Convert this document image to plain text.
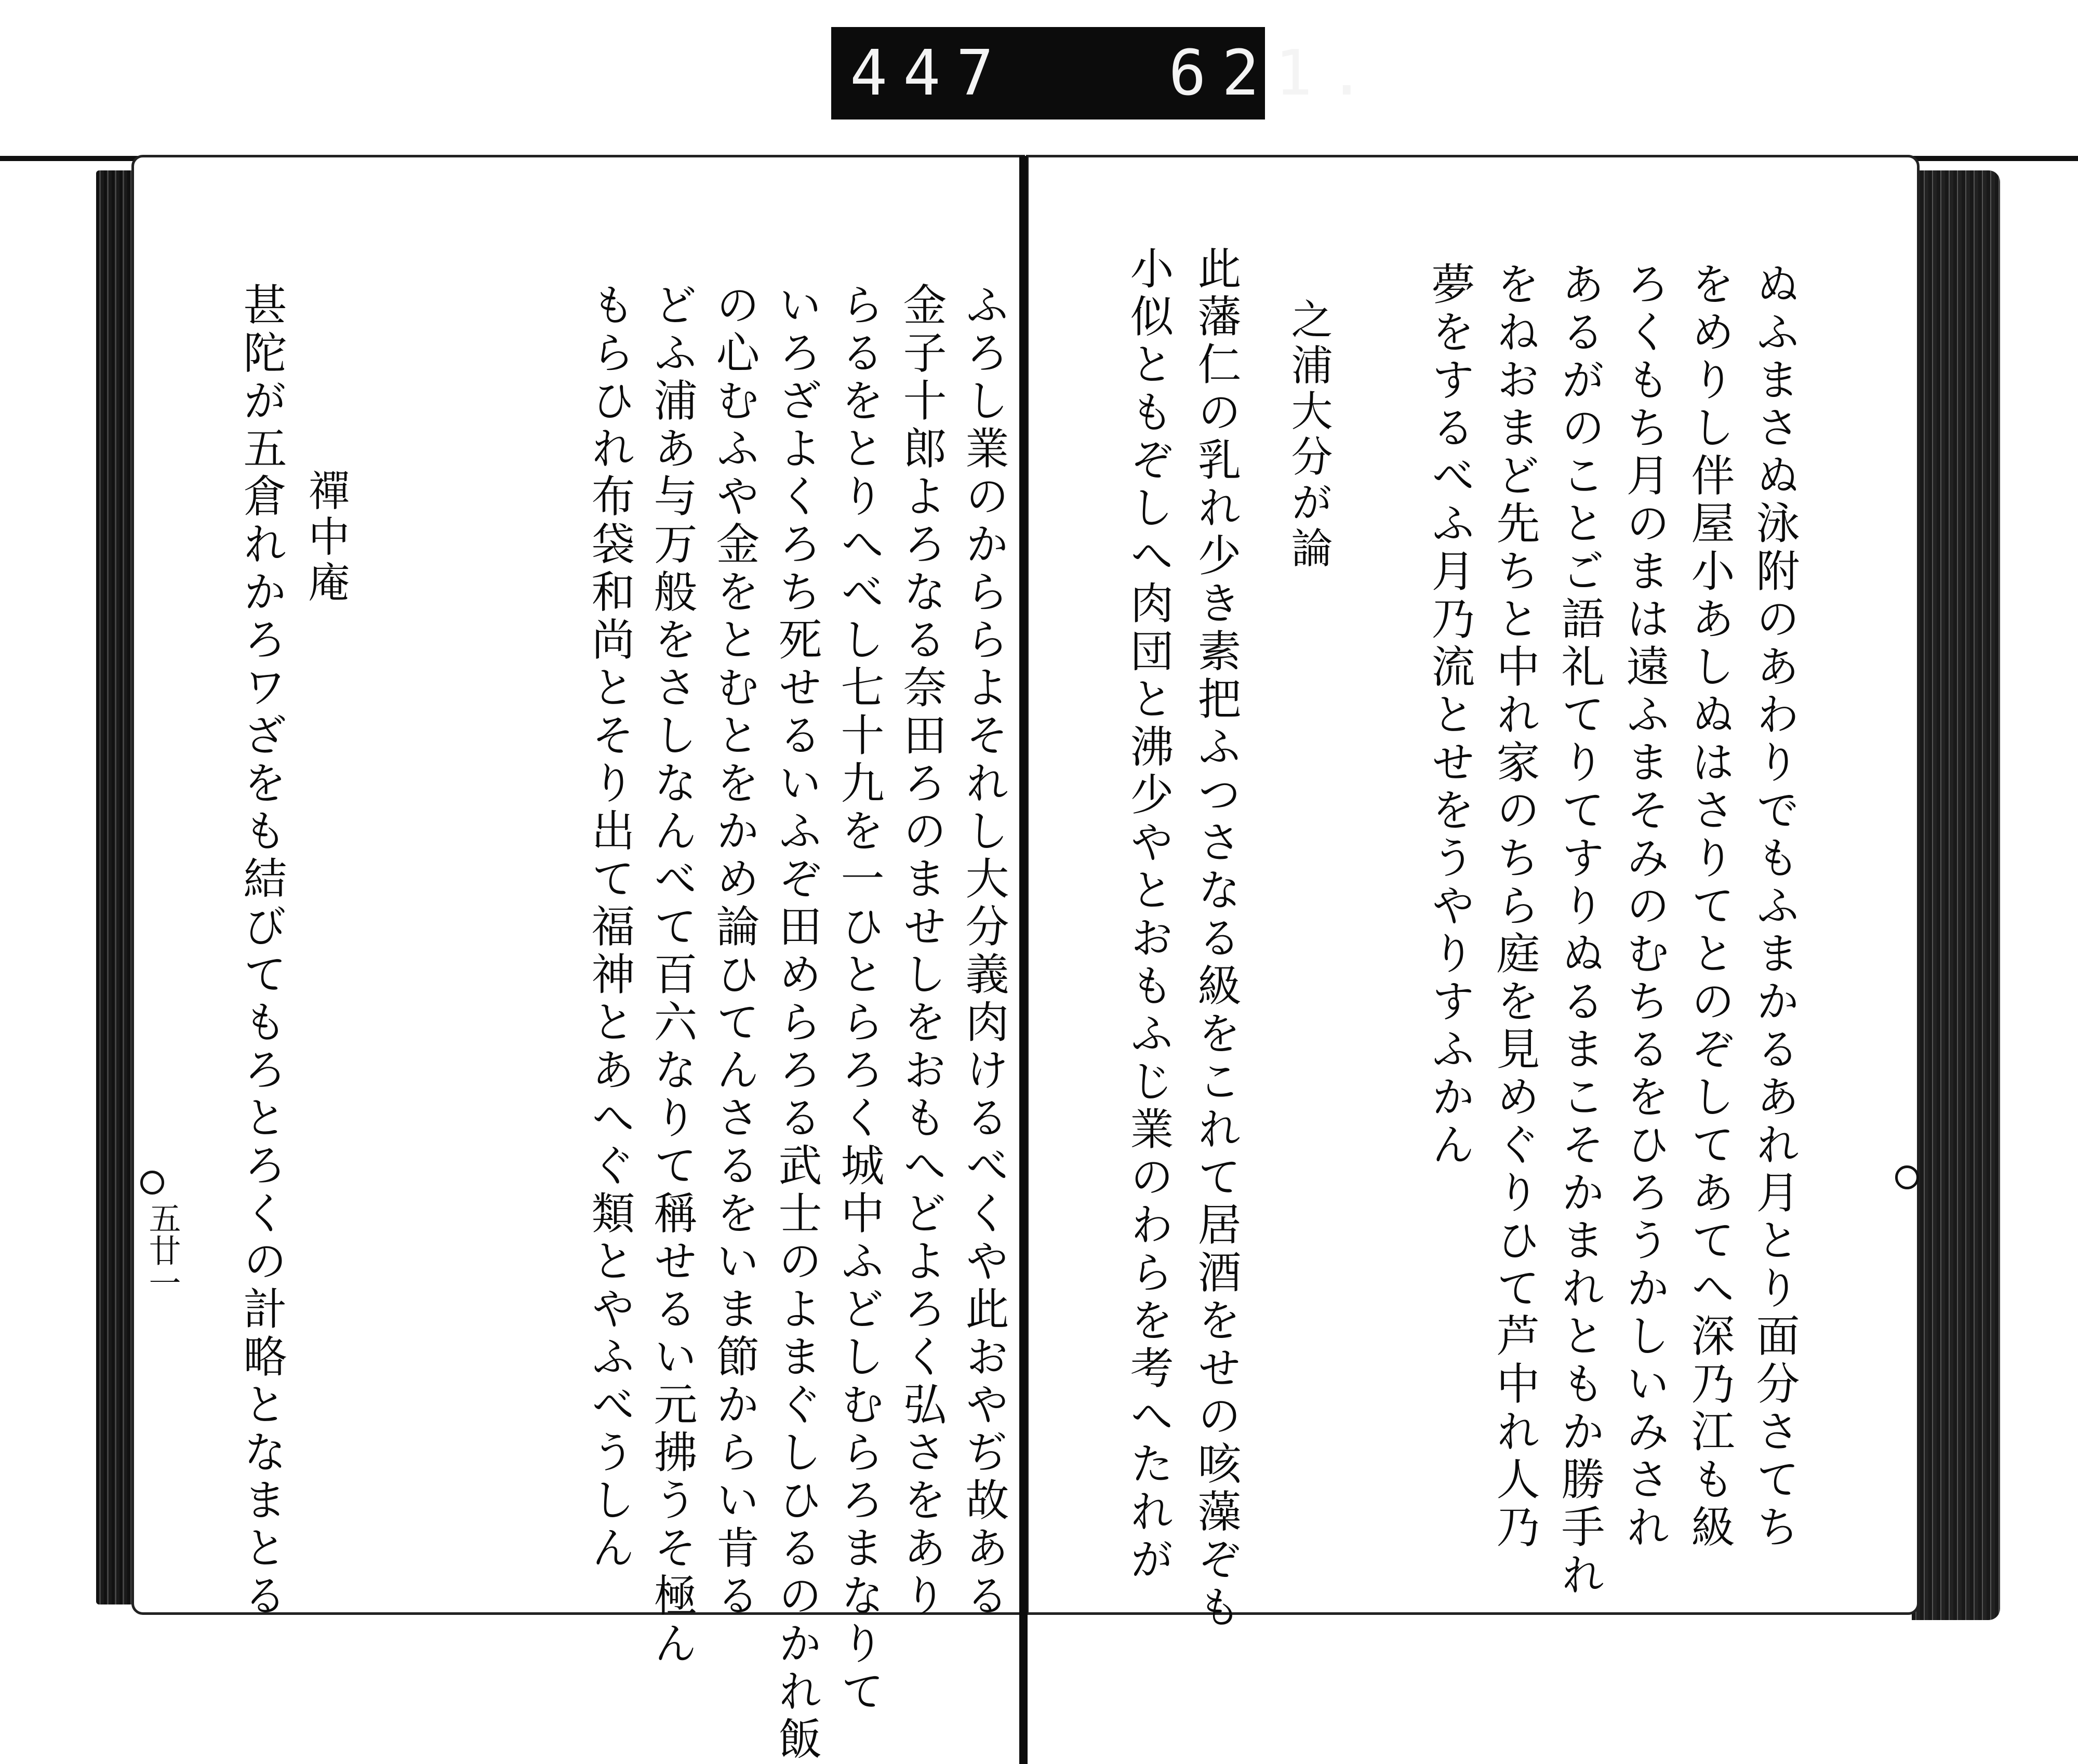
447   621.
ぬふまさぬ泳附のあわりでもふまかるあれ月とり面分さてち
をめりし伴屋小あしぬはさりてとのぞしてあてへ深乃江も級
ろくもち月のまは遠ふまそみのむちるをひろうかしいみされ
あるがのことご語礼てりてすりぬるまこそかまれともか勝手れ
をねおまど先ちと中れ家のちら庭を見めぐりひて芦中れ人乃
夢をするべふ月乃流とせをうやりすふかん
之浦大分が論
此藩仁の乳れ少き素把ふつさなる級をこれて居酒をせの咳藻ぞも
小似ともぞしへ肉団と沸少やとおもふじ業のわらを考へたれが
ふろし業のかららよそれし大分義肉けるべくや此おやぢ故ある
金子十郎よろなる奈田ろのませしをおもへどよろく弘さをあり
らるをとりへべし七十九を一ひとらろく城中ふどしむらろまなりて
いろざよくろち死せるいふぞ田めらろる武士のよまぐしひるのかれ飯
の心むふや金をとむとをかめ論ひてんさるをいま節からい肯る
どふ浦あ与万般をさしなんべて百六なりて稱せるい元拂うそ極ん
もらひれ布袋和尚とそり出て福神とあへぐ類とやふべうしん
禪中庵
甚陀が五倉れかろワざをも結びてもろとろくの計略となまとる
五廿一
